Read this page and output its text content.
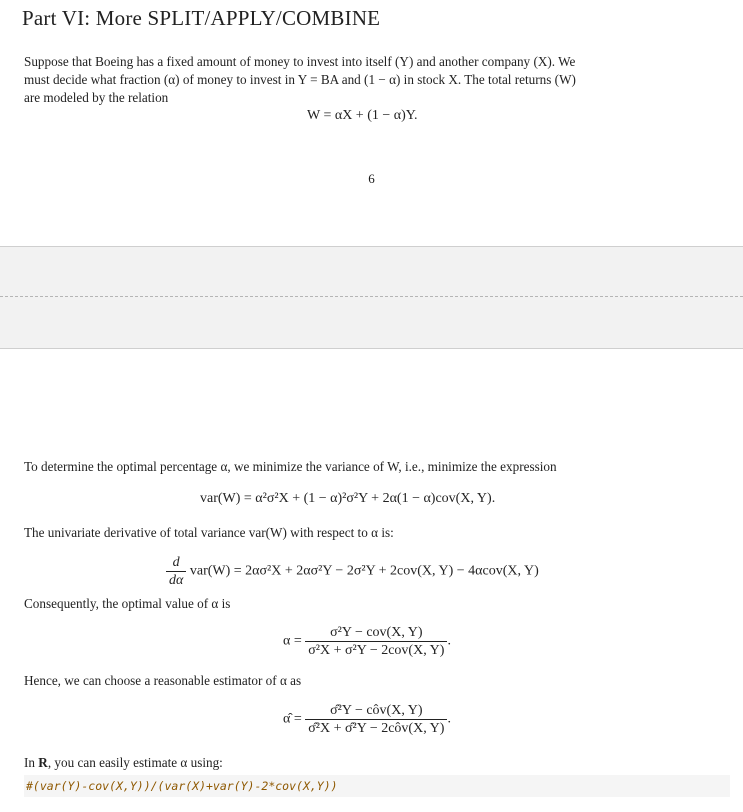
Part VI: More SPLIT/APPLY/COMBINE
Suppose that Boeing has a fixed amount of money to invest into itself (Y) and another company (X). We
must decide what fraction (α) of money to invest in Y = BA and (1 − α) in stock X. The total returns (W)
are modeled by the relation
W = αX + (1 − α)Y.
6
To determine the optimal percentage α, we minimize the variance of W, i.e., minimize the expression
var(W) = α²σ²X + (1 − α)²σ²Y + 2α(1 − α)cov(X, Y).
The univariate derivative of total variance var(W) with respect to α is:
$\frac{d}{d\alpha} var(W) = 2\alpha\sigma^2X + 2\alpha\sigma^2Y - 2\sigma^2Y + 2cov(X$, Y) − 4αcov(X, Y)
Consequently, the optimal value of α is
$\alpha = \frac{\text{σ²Y − cov(X, Y)}}{\text{σ²X + σ²Y − 2cov(X, Y)}}$ .
Hence, we can choose a reasonable estimator of α as
α̂ = $\frac{\text{σ̂²Y − côv(X, Y)}}{\text{σ̂²X + σ̂²Y − 2côv(X, Y)}}$ .
In R, you can easily estimate α using:
#(var(Y)-cov(X,Y))/(var(X)+var(Y)-2*cov(X,Y))
